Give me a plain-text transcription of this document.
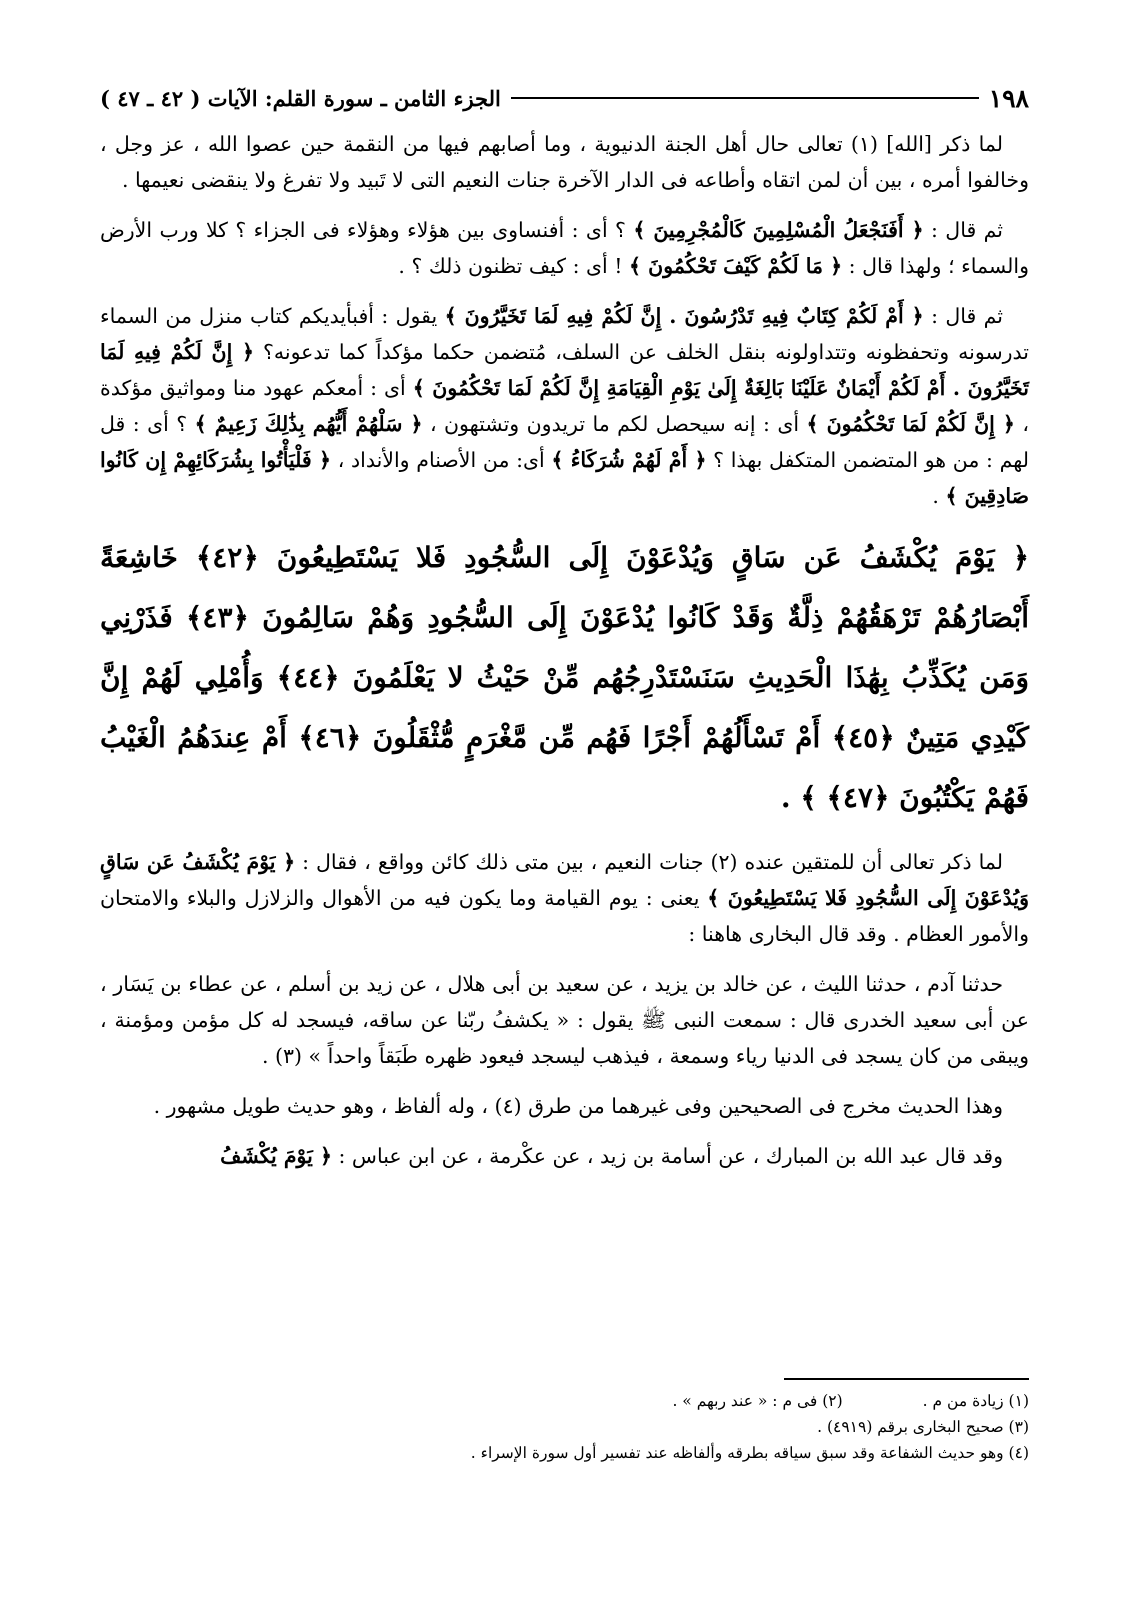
١٩٨
الجزء الثامن ـ سورة القلم: الآيات ( ٤٢ ـ ٤٧ )

لما ذكر [الله] (١) تعالى حال أهل الجنة الدنيوية ، وما أصابهم فيها من النقمة حين عصوا الله ، عز وجل ، وخالفوا أمره ، بين أن لمن اتقاه وأطاعه فى الدار الآخرة جنات النعيم التى لا تَبيد ولا تفرغ ولا ينقضى نعيمها .

ثم قال : ﴿ أَفَنَجْعَلُ الْمُسْلِمِينَ كَالْمُجْرِمِينَ ﴾ ؟ أى : أفنساوى بين هؤلاء وهؤلاء فى الجزاء ؟ كلا ورب الأرض والسماء ؛ ولهذا قال : ﴿ مَا لَكُمْ كَيْفَ تَحْكُمُونَ ﴾ ! أى : كيف تظنون ذلك ؟ .

ثم قال : ﴿ أَمْ لَكُمْ كِتَابٌ فِيهِ تَدْرُسُونَ . إِنَّ لَكُمْ فِيهِ لَمَا تَخَيَّرُونَ ﴾ يقول : أفبأيديكم كتاب منزل من السماء تدرسونه وتحفظونه وتتداولونه بنقل الخلف عن السلف، مُتضمن حكما مؤكداً كما تدعونه؟ ﴿ إِنَّ لَكُمْ فِيهِ لَمَا تَخَيَّرُونَ . أَمْ لَكُمْ أَيْمَانٌ عَلَيْنَا بَالِغَةٌ إِلَىٰ يَوْمِ الْقِيَامَةِ إِنَّ لَكُمْ لَمَا تَحْكُمُونَ ﴾ أى : أمعكم عهود منا ومواثيق مؤكدة ، ﴿ إِنَّ لَكُمْ لَمَا تَحْكُمُونَ ﴾ أى : إنه سيحصل لكم ما تريدون وتشتهون ، ﴿ سَلْهُمْ أَيُّهُم بِذَٰلِكَ زَعِيمٌ ﴾ ؟ أى : قل لهم : من هو المتضمن المتكفل بهذا ؟ ﴿ أَمْ لَهُمْ شُرَكَاءُ ﴾ أى: من الأصنام والأنداد ، ﴿ فَلْيَأْتُوا بِشُرَكَائِهِمْ إِن كَانُوا صَادِقِينَ ﴾ .

﴿ يَوْمَ يُكْشَفُ عَن سَاقٍ وَيُدْعَوْنَ إِلَى السُّجُودِ فَلا يَسْتَطِيعُونَ ﴿٤٢﴾ خَاشِعَةً أَبْصَارُهُمْ تَرْهَقُهُمْ ذِلَّةٌ وَقَدْ كَانُوا يُدْعَوْنَ إِلَى السُّجُودِ وَهُمْ سَالِمُونَ ﴿٤٣﴾ فَذَرْنِي وَمَن يُكَذِّبُ بِهَٰذَا الْحَدِيثِ سَنَسْتَدْرِجُهُم مِّنْ حَيْثُ لا يَعْلَمُونَ ﴿٤٤﴾ وَأُمْلِي لَهُمْ إِنَّ كَيْدِي مَتِينٌ ﴿٤٥﴾ أَمْ تَسْأَلُهُمْ أَجْرًا فَهُم مِّن مَّغْرَمٍ مُّثْقَلُونَ ﴿٤٦﴾ أَمْ عِندَهُمُ الْغَيْبُ فَهُمْ يَكْتُبُونَ ﴿٤٧﴾ ﴾ .

لما ذكر تعالى أن للمتقين عنده (٢) جنات النعيم ، بين متى ذلك كائن وواقع ، فقال : ﴿ يَوْمَ يُكْشَفُ عَن سَاقٍ وَيُدْعَوْنَ إِلَى السُّجُودِ فَلا يَسْتَطِيعُونَ ﴾ يعنى : يوم القيامة وما يكون فيه من الأهوال والزلازل والبلاء والامتحان والأمور العظام . وقد قال البخارى هاهنا :

حدثنا آدم ، حدثنا الليث ، عن خالد بن يزيد ، عن سعيد بن أبى هلال ، عن زيد بن أسلم ، عن عطاء بن يَسَار ، عن أبى سعيد الخدرى قال : سمعت النبى ﷺ يقول : « يكشفُ ربّنا عن ساقه، فيسجد له كل مؤمن ومؤمنة ، ويبقى من كان يسجد فى الدنيا رياء وسمعة ، فيذهب ليسجد فيعود ظهره طَبَقاً واحداً » (٣) .

وهذا الحديث مخرج فى الصحيحين وفى غيرهما من طرق (٤) ، وله ألفاظ ، وهو حديث طويل مشهور .

وقد قال عبد الله بن المبارك ، عن أسامة بن زيد ، عن عكْرمة ، عن ابن عباس : ﴿ يَوْمَ يُكْشَفُ

(١) زيادة من م .
(٢) فى م : « عند ربهم » .
(٣) صحيح البخارى برقم (٤٩١٩) .
(٤) وهو حديث الشفاعة وقد سبق سياقه بطرقه وألفاظه عند تفسير أول سورة الإسراء .
